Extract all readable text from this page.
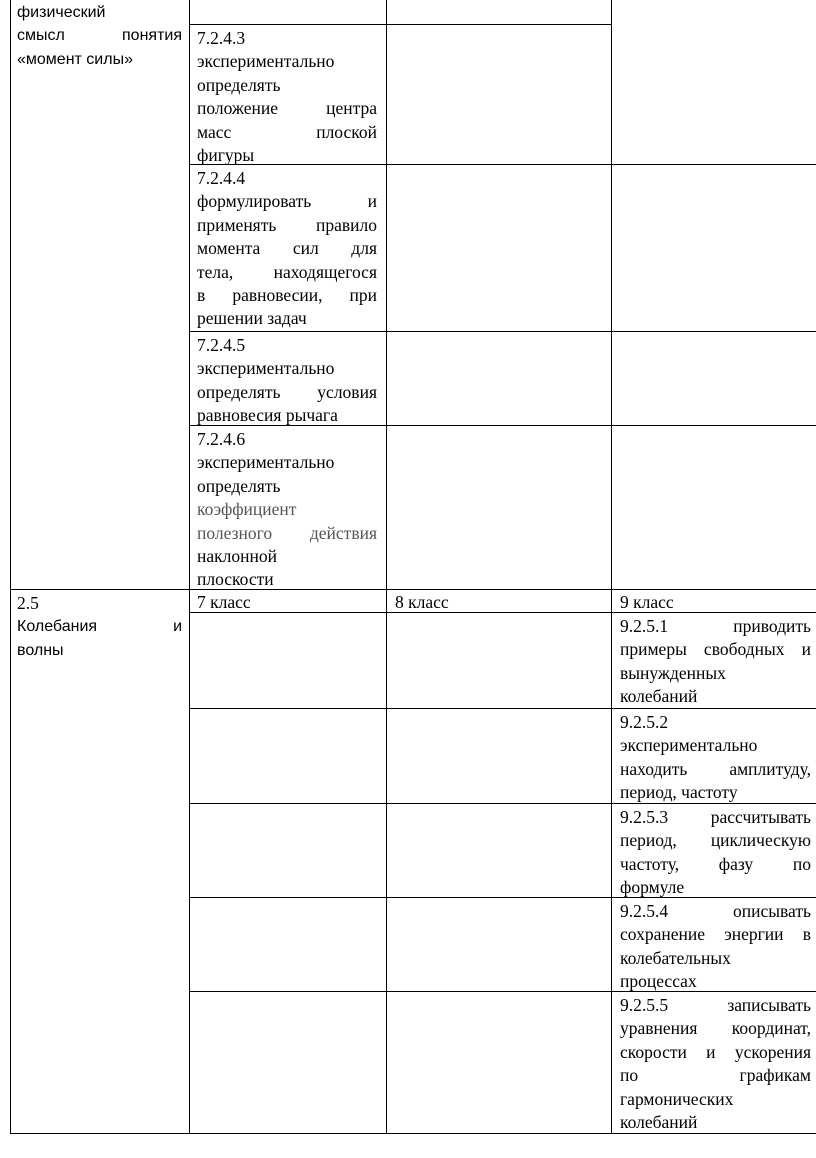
физический
смысл понятия
«момент силы»
7.2.4.3
экспериментально
определять
положение центра
масс плоской
фигуры
7.2.4.4
формулировать и
применять правило
момента сил для
тела, находящегося
в равновесии, при
решении задач
7.2.4.5
экспериментально
определять условия
равновесия рычага
7.2.4.6
экспериментально
определять
коэффициент
полезного действия
наклонной
плоскости
2.5
Колебания и
волны
7 класс	8 класс	9 класс
9.2.5.1 приводить
примеры свободных и
вынужденных
колебаний
9.2.5.2
экспериментально
находить амплитуду,
период, частоту
9.2.5.3 рассчитывать
период, циклическую
частоту, фазу по
формуле
9.2.5.4 описывать
сохранение энергии в
колебательных
процессах
9.2.5.5 записывать
уравнения координат,
скорости и ускорения
по графикам
гармонических
колебаний
